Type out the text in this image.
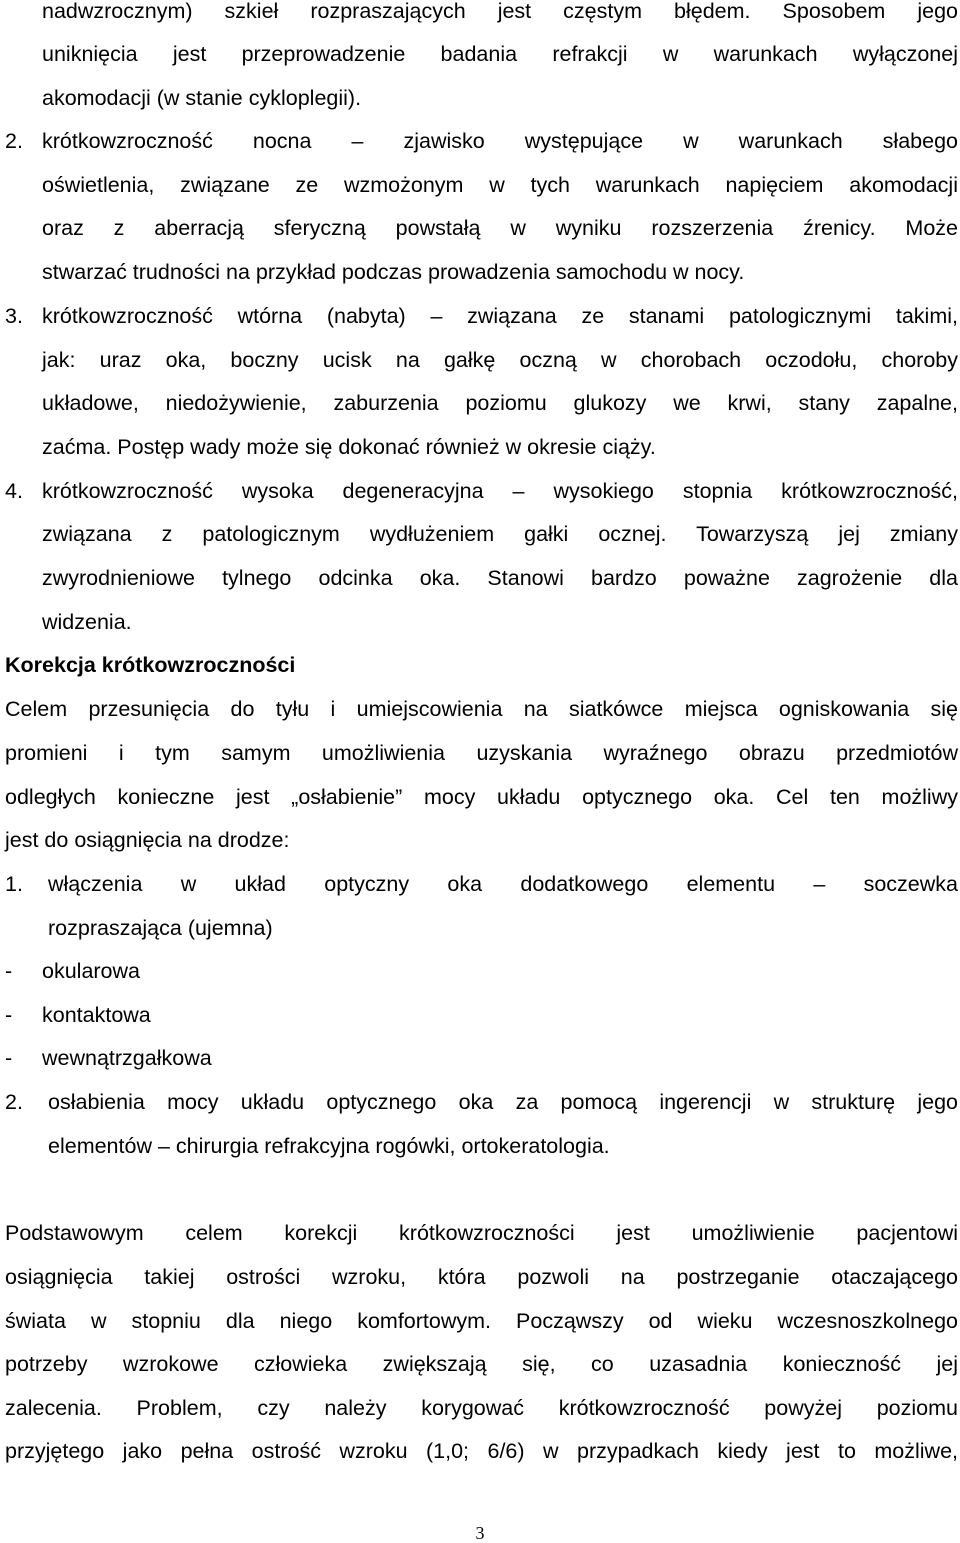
nadwzrocznym) szkieł rozpraszających jest częstym błędem. Sposobem jego
uniknięcia jest przeprowadzenie badania refrakcji w warunkach wyłączonej
akomodacji (w stanie cykloplegii).
2. krótkowzroczność nocna – zjawisko występujące w warunkach słabego
oświetlenia, związane ze wzmożonym w tych warunkach napięciem akomodacji
oraz z aberracją sferyczną powstałą w wyniku rozszerzenia źrenicy. Może
stwarzać trudności na przykład podczas prowadzenia samochodu w nocy.
3. krótkowzroczność wtórna (nabyta) – związana ze stanami patologicznymi takimi,
jak: uraz oka, boczny ucisk na gałkę oczną w chorobach oczodołu, choroby
układowe, niedożywienie, zaburzenia poziomu glukozy we krwi, stany zapalne,
zaćma. Postęp wady może się dokonać również w okresie ciąży.
4. krótkowzroczność wysoka degeneracyjna – wysokiego stopnia krótkowzroczność,
związana z patologicznym wydłużeniem gałki ocznej. Towarzyszą jej zmiany
zwyrodnieniowe tylnego odcinka oka. Stanowi bardzo poważne zagrożenie dla
widzenia.
Korekcja krótkowzroczności
Celem przesunięcia do tyłu i umiejscowienia na siatkówce miejsca ogniskowania się
promieni i tym samym umożliwienia uzyskania wyraźnego obrazu przedmiotów
odległych konieczne jest „osłabienie” mocy układu optycznego oka. Cel ten możliwy
jest do osiągnięcia na drodze:
1. włączenia w układ optyczny oka dodatkowego elementu – soczewka
rozpraszająca (ujemna)
- okularowa
- kontaktowa
- wewnątrzgałkowa
2. osłabienia mocy układu optycznego oka za pomocą ingerencji w strukturę jego
elementów – chirurgia refrakcyjna rogówki, ortokeratologia.
Podstawowym celem korekcji krótkowzroczności jest umożliwienie pacjentowi
osiągnięcia takiej ostrości wzroku, która pozwoli na postrzeganie otaczającego
świata w stopniu dla niego komfortowym. Począwszy od wieku wczesnoszkolnego
potrzeby wzrokowe człowieka zwiększają się, co uzasadnia konieczność jej
zalecenia. Problem, czy należy korygować krótkowzroczność powyżej poziomu
przyjętego jako pełna ostrość wzroku (1,0; 6/6) w przypadkach kiedy jest to możliwe,
3
